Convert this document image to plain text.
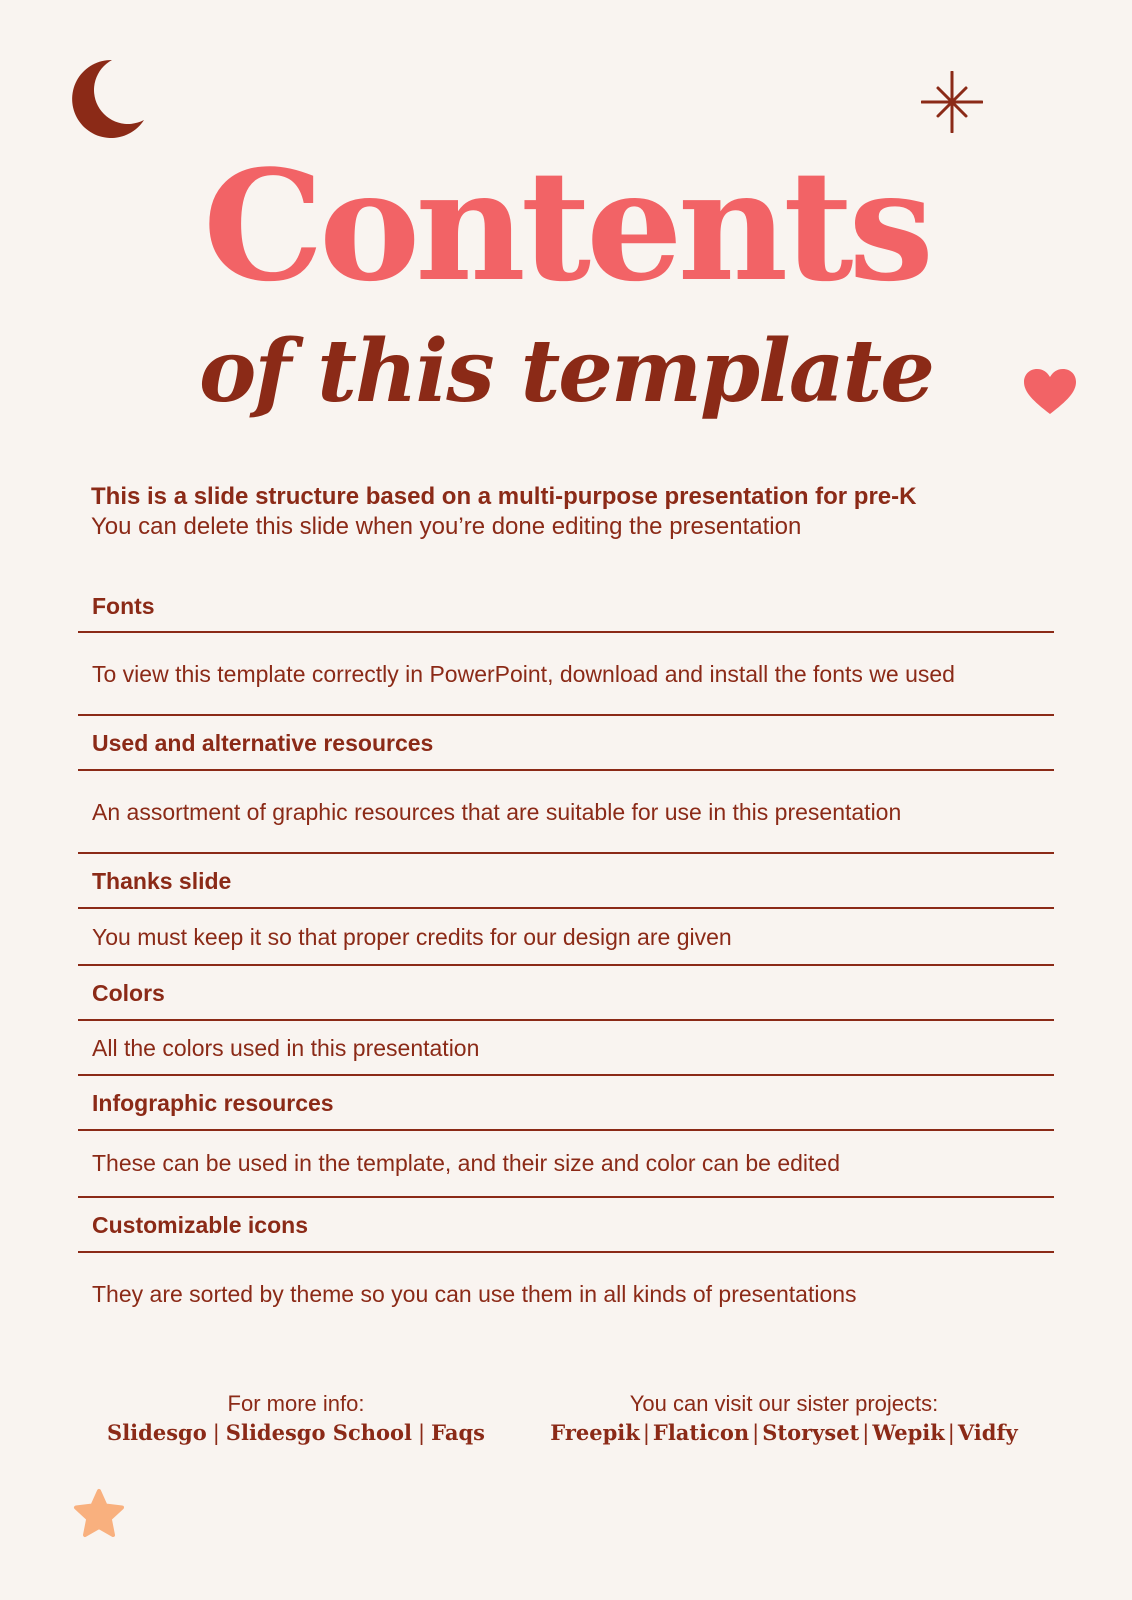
Contents
of this template
This is a slide structure based on a multi-purpose presentation for pre-K
You can delete this slide when you’re done editing the presentation
Fonts
To view this template correctly in PowerPoint, download and install the fonts we used
Used and alternative resources
An assortment of graphic resources that are suitable for use in this presentation
Thanks slide
You must keep it so that proper credits for our design are given
Colors
All the colors used in this presentation
Infographic resources
These can be used in the template, and their size and color can be edited
Customizable icons
They are sorted by theme so you can use them in all kinds of presentations
For more info:
Slidesgo | Slidesgo School | Faqs
You can visit our sister projects:
Freepik | Flaticon | Storyset | Wepik | Vidfy
